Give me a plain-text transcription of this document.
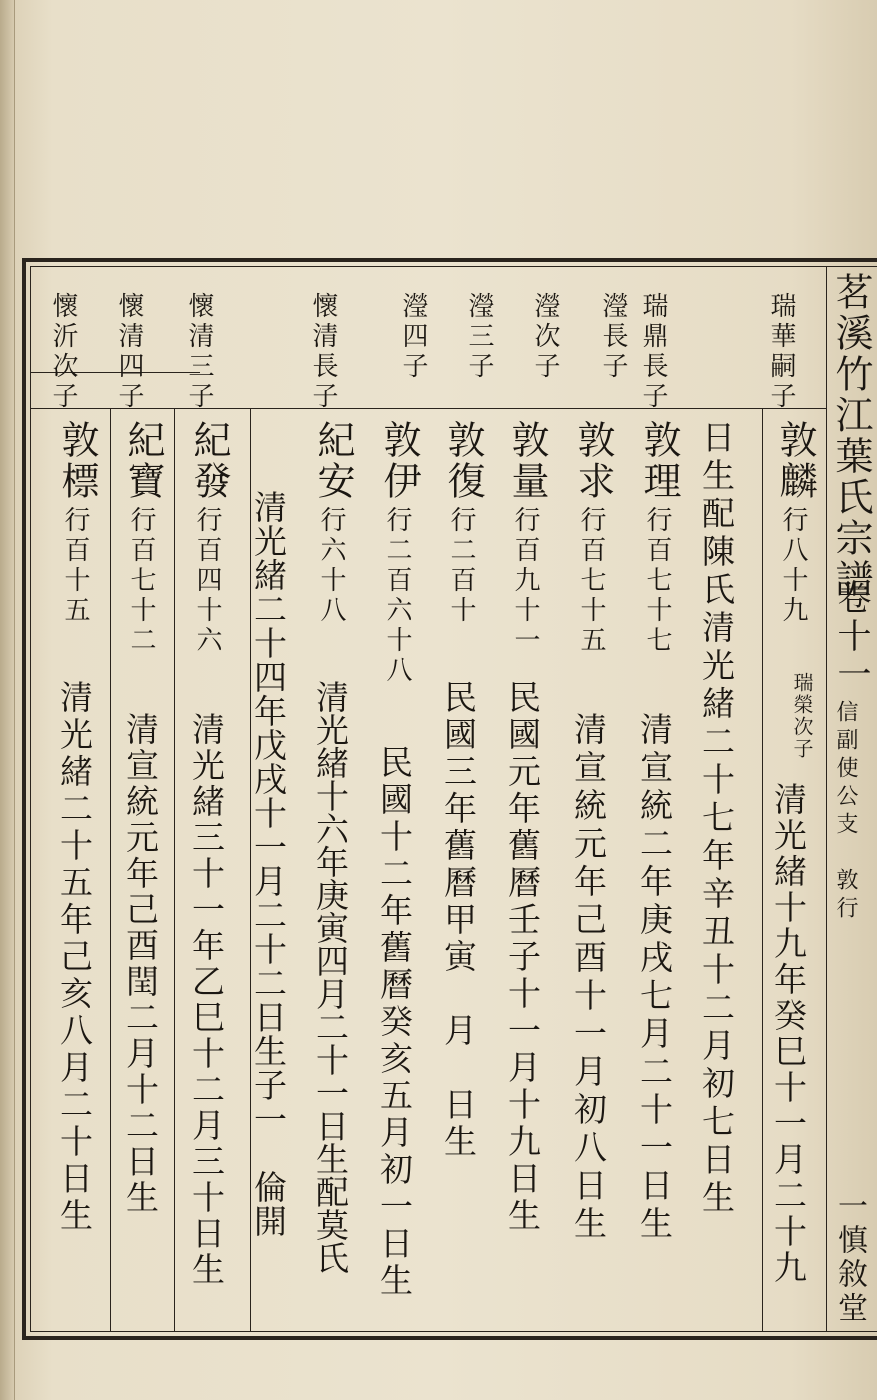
茗溪竹江葉氏宗譜
卷十一
信副使公支　敦行
一慎敘堂
瑞華嗣子
瑞鼎長子
瀅長子
瀅次子
瀅三子
瀅四子
懷清長子
懷清三子
懷清四子
懷沂次子
瑞榮次子
敦麟
行八十九
清光緒十九年癸巳十一月二十九
日生配陳氏清光緒二十七年辛丑十二月初七日生
敦理
行百七十七
清宣統二年庚戌七月二十一日生
敦求
行百七十五
清宣統元年己酉十一月初八日生
敦量
行百九十一
民國元年舊曆壬子十一月十九日生
敦復
行二百十
民國三年舊曆甲寅　月　日生
敦伊
行二百六十八
民國十二年舊曆癸亥五月初一日生
紀安
行六十八
清光緒十六年庚寅四月二十一日生配莫氏
清光緒二十四年戊戌十一月二十二日生子一　倫開
紀發
行百四十六
清光緒三十一年乙巳十二月三十日生
紀寶
行百七十二
清宣統元年己酉閏二月十二日生
敦標
行百十五
清光緒二十五年己亥八月二十日生
